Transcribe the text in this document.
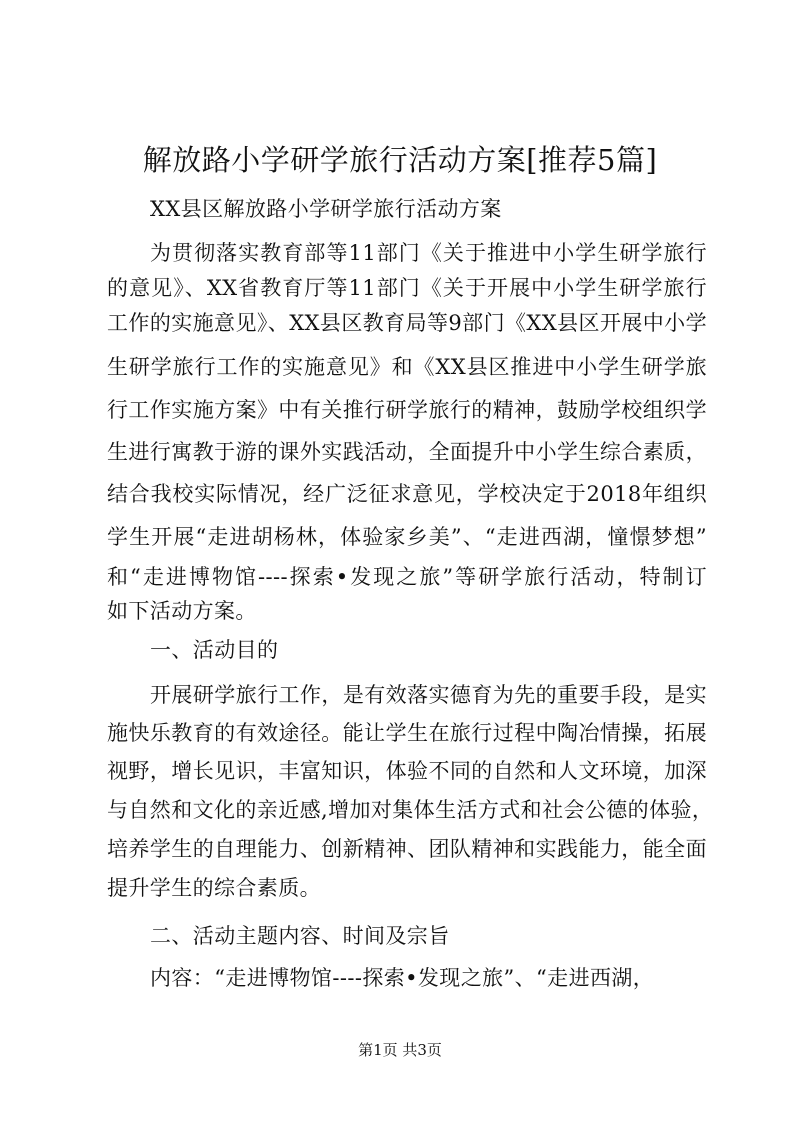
解放路小学研学旅行活动方案[推荐5篇]
XX县区解放路小学研学旅行活动方案
为贯彻落实教育部等11部门《关于推进中小学生研学旅行
的意见》、XX省教育厅等11部门《关于开展中小学生研学旅行
工作的实施意见》、XX县区教育局等9部门《XX县区开展中小学
生研学旅行工作的实施意见》和《XX县区推进中小学生研学旅
行工作实施方案》中有关推行研学旅行的精神，鼓励学校组织学
生进行寓教于游的课外实践活动，全面提升中小学生综合素质，
结合我校实际情况，经广泛征求意见，学校决定于2018年组织
学生开展“走进胡杨林，体验家乡美”、“走进西湖，憧憬梦想”
和“走进博物馆----探索•发现之旅”等研学旅行活动，特制订
如下活动方案。
一、活动目的
开展研学旅行工作，是有效落实德育为先的重要手段，是实
施快乐教育的有效途径。能让学生在旅行过程中陶冶情操，拓展
视野，增长见识，丰富知识，体验不同的自然和人文环境，加深
与自然和文化的亲近感,增加对集体生活方式和社会公德的体验，
培养学生的自理能力、创新精神、团队精神和实践能力，能全面
提升学生的综合素质。
二、活动主题内容、时间及宗旨
内容：“走进博物馆----探索•发现之旅”、“走进西湖，
第1页 共3页
